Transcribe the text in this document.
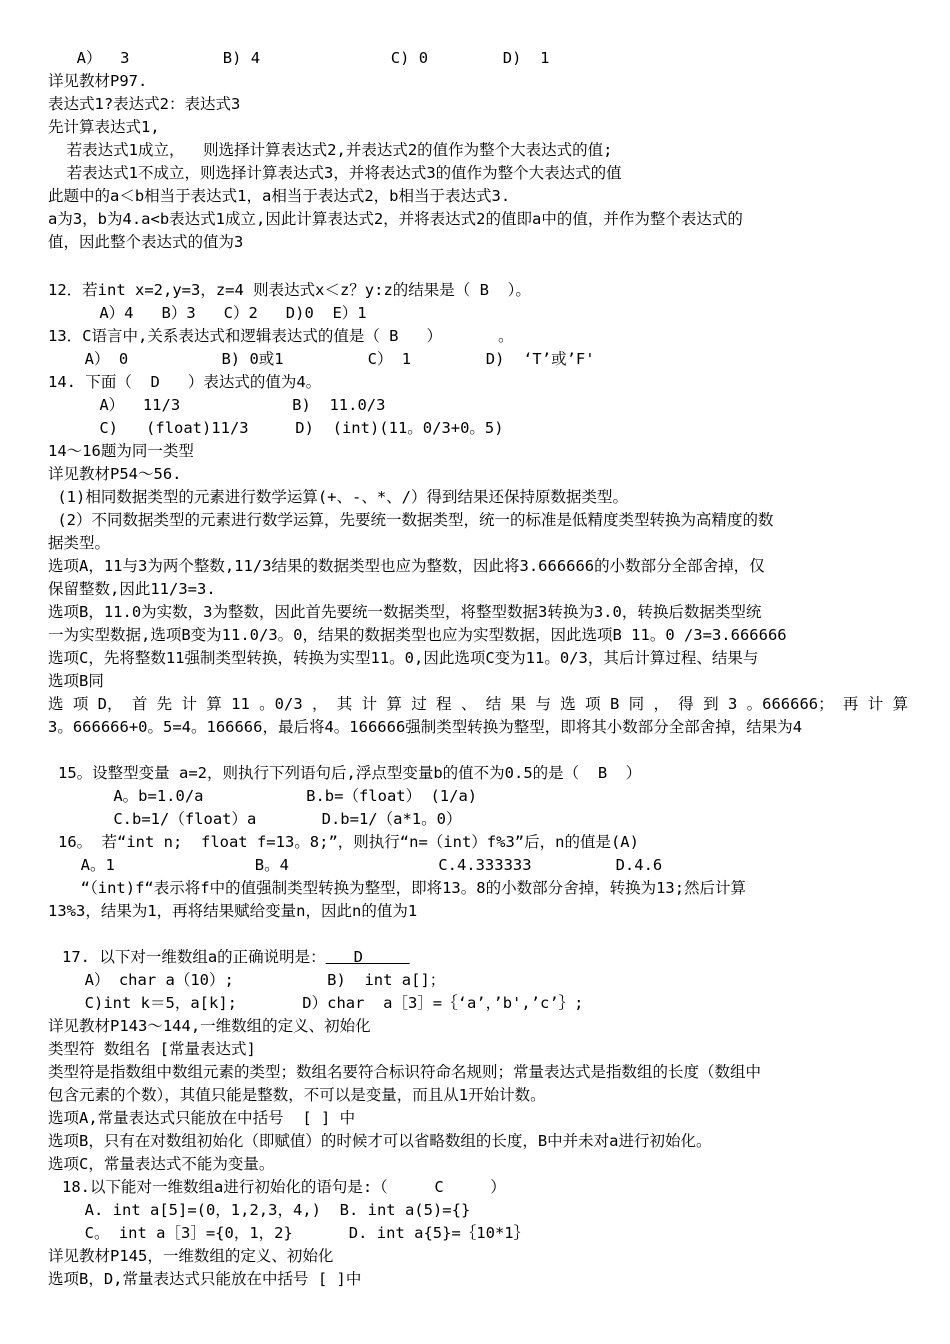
A）  3          B) 4              C) 0        D)  1
详见教材P97.
表达式1?表达式2：表达式3
先计算表达式1,
若表达式1成立，  则选择计算表达式2,并表达式2的值作为整个大表达式的值;
若表达式1不成立，则选择计算表达式3，并将表达式3的值作为整个大表达式的值
此题中的a＜b相当于表达式1，a相当于表达式2，b相当于表达式3.
a为3，b为4.a<b表达式1成立,因此计算表达式2，并将表达式2的值即a中的值，并作为整个表达式的
值，因此整个表达式的值为3
12．若int x=2,y=3，z=4 则表达式x＜z？y:z的结果是（ B  ）。
A）4   B）3   C）2   D)0  E）1
13．C语言中,关系表达式和逻辑表达式的值是（ B   ）      。
A） 0          B) 0或1         C） 1        D)  ‘T’或’F'
14. 下面（  D   ）表达式的值为4。
A）  11/3            B)  11.0/3
C)   (float)11/3     D)  (int)(11。0/3+0。5)
14～16题为同一类型
详见教材P54～56.
(1)相同数据类型的元素进行数学运算(+、-、*、/）得到结果还保持原数据类型。
(2）不同数据类型的元素进行数学运算，先要统一数据类型，统一的标准是低精度类型转换为高精度的数
据类型。
选项A，11与3为两个整数,11/3结果的数据类型也应为整数，因此将3.666666的小数部分全部舍掉，仅
保留整数,因此11/3=3.
选项B，11.0为实数，3为整数，因此首先要统一数据类型，将整型数据3转换为3.0，转换后数据类型统
一为实型数据,选项B变为11.0/3。0，结果的数据类型也应为实型数据，因此选项B 11。0 /3=3.666666
选项C，先将整数11强制类型转换，转换为实型11。0,因此选项C变为11。0/3，其后计算过程、结果与
选项B同
选 项 D， 首 先 计 算 11 。0/3 ， 其 计 算 过 程 、 结 果 与 选 项 B 同 ， 得 到 3 。666666； 再 计 算
3。666666+0。5=4。166666，最后将4。166666强制类型转换为整型，即将其小数部分全部舍掉，结果为4
15。设整型变量 a=2，则执行下列语句后,浮点型变量b的值不为0.5的是（  B  ）
A。b=1.0/a           B.b=（float） (1/a)
C.b=1/（float）a       D.b=1/（a*1。0）
16。 若“int n;  float f=13。8;”，则执行“n=（int）f%3”后，n的值是(A)
A。1               B。4                C.4.333333         D.4.6
“（int)f“表示将f中的值强制类型转换为整型，即将13。8的小数部分舍掉，转换为13;然后计算
13%3，结果为1，再将结果赋给变量n，因此n的值为1
17. 以下对一维数组a的正确说明是： D
A） char a（10）;          B)  int a[]；
C)int k＝5，a[k];       D）char  a［3］=｛‘a’，’b',’c’｝;
详见教材P143～144,一维数组的定义、初始化
类型符 数组名 [常量表达式]
类型符是指数组中数组元素的类型；数组名要符合标识符命名规则；常量表达式是指数组的长度（数组中
包含元素的个数），其值只能是整数，不可以是变量，而且从1开始计数。
选项A,常量表达式只能放在中括号  [ ] 中
选项B，只有在对数组初始化（即赋值）的时候才可以省略数组的长度，B中并未对a进行初始化。
选项C，常量表达式不能为变量。
18.以下能对一维数组a进行初始化的语句是:（     C     ）
A. int a[5]=(0，1,2,3，4,)  B. int a(5)={}
C。 int a［3］={0，1，2}      D. int a{5}=｛10*1｝
详见教材P145，一维数组的定义、初始化
选项B，D,常量表达式只能放在中括号 [ ]中
